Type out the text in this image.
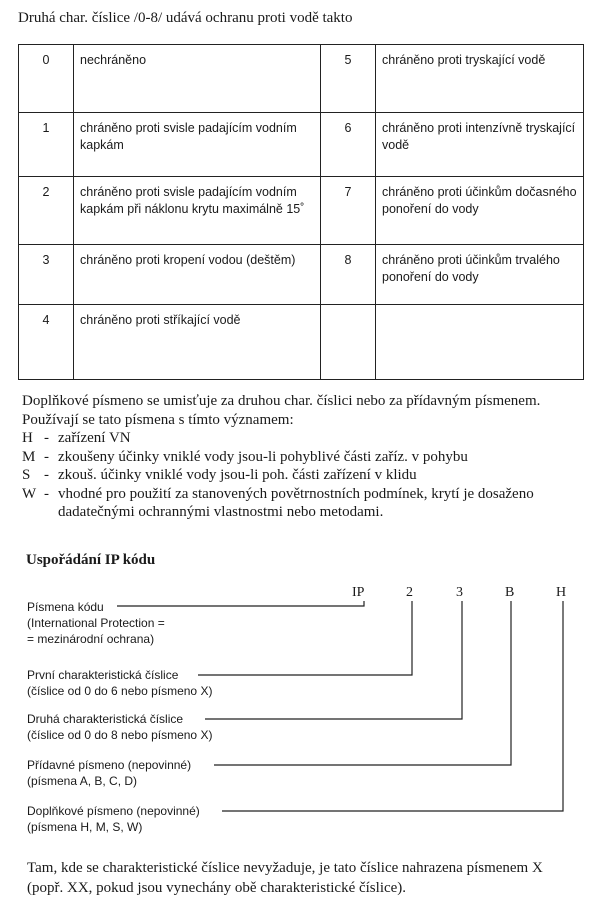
Druhá char. číslice /0-8/ udává ochranu proti vodě takto
0	nechráněno	5	chráněno proti tryskající vodě
1	chráněno proti svisle padajícím vodním kapkám	6	chráněno proti intenzívně tryskající vodě
2	chráněno proti svisle padajícím vodním kapkám při náklonu krytu maximálně 15˚	7	chráněno proti účinkům dočasného ponoření do vody
3	chráněno proti kropení vodou (deštěm)	8	chráněno proti účinkům trvalého ponoření do vody
4	chráněno proti stříkající vodě		
Doplňkové písmeno se umisťuje za druhou char. číslici nebo za přídavným písmenem.
Používají se tato písmena s tímto významem:
H - zařízení VN
M - zkoušeny účinky vniklé vody jsou-li pohyblivé části zaříz. v pohybu
S - zkouš. účinky vniklé vody jsou-li poh. části zařízení v klidu
W - vhodné pro použití za stanovených povětrnostních podmínek, krytí je dosaženo
dadatečnými ochrannými vlastnostmi nebo metodami.
Uspořádání IP kódu
IP	2	3	B	H
Písmena kódu
(International Protection =
= mezinárodní ochrana)
První charakteristická číslice
(číslice od 0 do 6 nebo písmeno X)
Druhá charakteristická číslice
(číslice od 0 do 8 nebo písmeno X)
Přídavné písmeno (nepovinné)
(písmena A, B, C, D)
Doplňkové písmeno (nepovinné)
(písmena H, M, S, W)
Tam, kde se charakteristické číslice nevyžaduje, je tato číslice nahrazena písmenem X
(popř. XX, pokud jsou vynechány obě charakteristické číslice).
